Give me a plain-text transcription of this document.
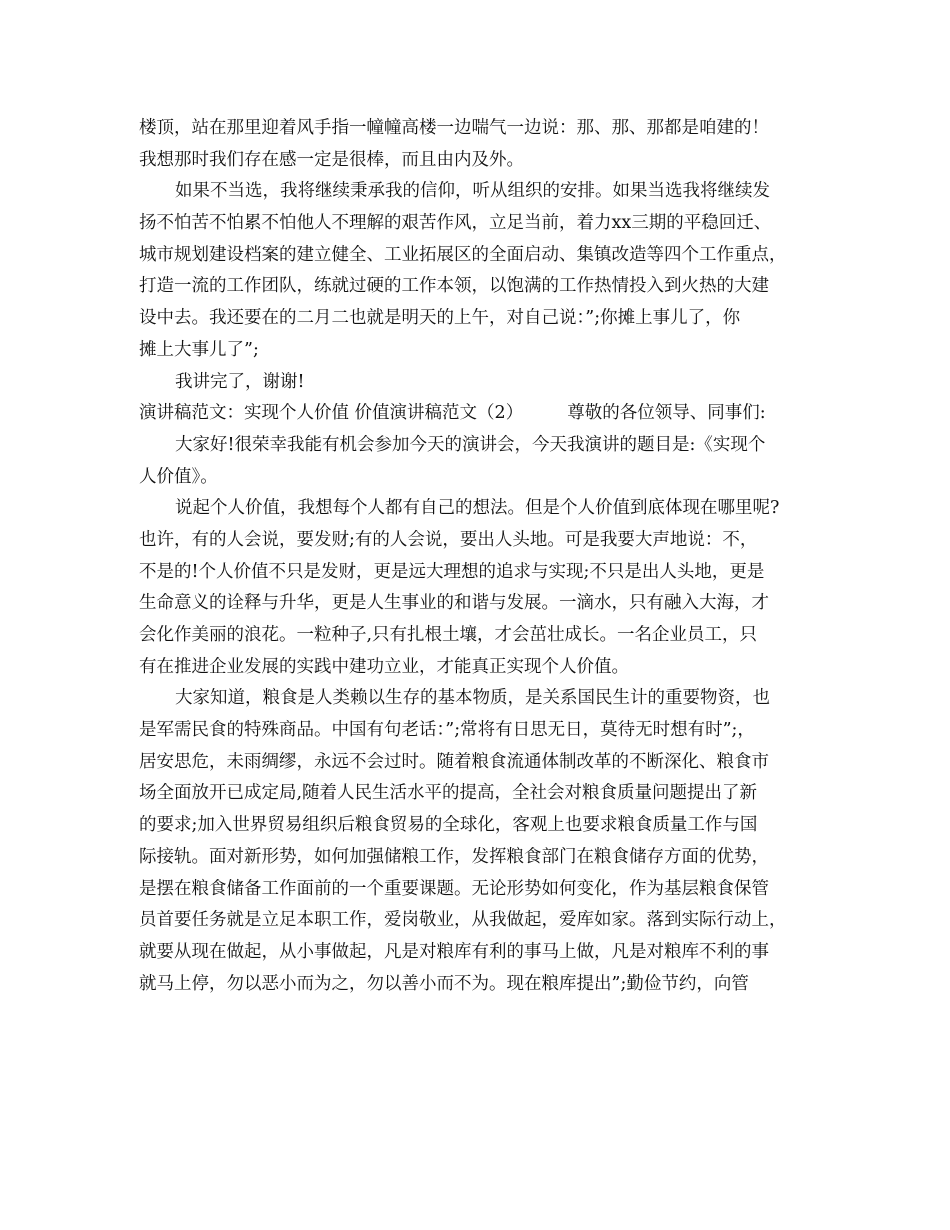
楼顶，站在那里迎着风手指一幢幢高楼一边喘气一边说：那、那、那都是咱建的！
我想那时我们存在感一定是很棒，而且由内及外。
如果不当选，我将继续秉承我的信仰，听从组织的安排。如果当选我将继续发
扬不怕苦不怕累不怕他人不理解的艰苦作风，立足当前，着力xx三期的平稳回迁、
城市规划建设档案的建立健全、工业拓展区的全面启动、集镇改造等四个工作重点，
打造一流的工作团队，练就过硬的工作本领，以饱满的工作热情投入到火热的大建
设中去。我还要在的二月二也就是明天的上午，对自己说：”;你摊上事儿了，你
摊上大事儿了”;
我讲完了，谢谢!
演讲稿范文：实现个人价值 价值演讲稿范文（2）	尊敬的各位领导、同事们:
大家好!很荣幸我能有机会参加今天的演讲会，今天我演讲的题目是:《实现个
人价值》。
说起个人价值，我想每个人都有自己的想法。但是个人价值到底体现在哪里呢?
也许，有的人会说，要发财;有的人会说，要出人头地。可是我要大声地说：不，
不是的!个人价值不只是发财，更是远大理想的追求与实现;不只是出人头地，更是
生命意义的诠释与升华，更是人生事业的和谐与发展。一滴水，只有融入大海，才
会化作美丽的浪花。一粒种子,只有扎根土壤，才会茁壮成长。一名企业员工，只
有在推进企业发展的实践中建功立业，才能真正实现个人价值。
大家知道，粮食是人类赖以生存的基本物质，是关系国民生计的重要物资，也
是军需民食的特殊商品。中国有句老话：”;常将有日思无日，莫待无时想有时”;，
居安思危，未雨绸缪，永远不会过时。随着粮食流通体制改革的不断深化、粮食市
场全面放开已成定局,随着人民生活水平的提高，全社会对粮食质量问题提出了新
的要求;加入世界贸易组织后粮食贸易的全球化，客观上也要求粮食质量工作与国
际接轨。面对新形势，如何加强储粮工作，发挥粮食部门在粮食储存方面的优势，
是摆在粮食储备工作面前的一个重要课题。无论形势如何变化，作为基层粮食保管
员首要任务就是立足本职工作，爱岗敬业，从我做起，爱库如家。落到实际行动上，
就要从现在做起，从小事做起，凡是对粮库有利的事马上做，凡是对粮库不利的事
就马上停，勿以恶小而为之，勿以善小而不为。现在粮库提出”;勤俭节约，向管
